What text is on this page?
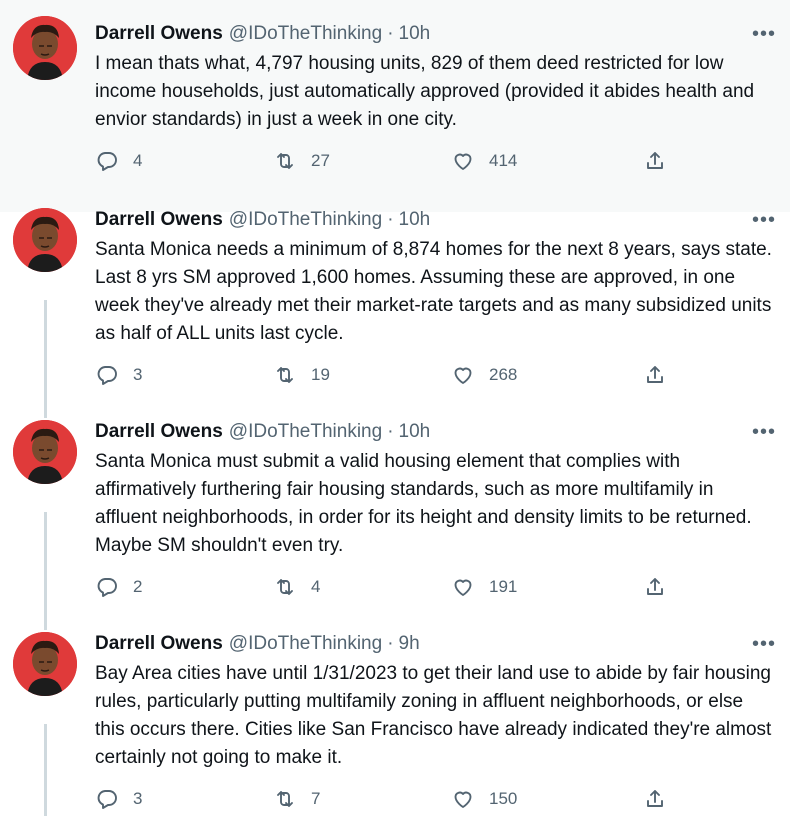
Darrell Owens @IDoTheThinking · 10h	•••
I mean thats what, 4,797 housing units, 829 of them deed restricted for low income households, just automatically approved (provided it abides health and envior standards) in just a week in one city.
4	27	414
Darrell Owens @IDoTheThinking · 10h	•••
Santa Monica needs a minimum of 8,874 homes for the next 8 years, says state. Last 8 yrs SM approved 1,600 homes. Assuming these are approved, in one week they've already met their market-rate targets and as many subsidized units as half of ALL units last cycle.
3	19	268
Darrell Owens @IDoTheThinking · 10h	•••
Santa Monica must submit a valid housing element that complies with affirmatively furthering fair housing standards, such as more multifamily in affluent neighborhoods, in order for its height and density limits to be returned. Maybe SM shouldn't even try.
2	4	191
Darrell Owens @IDoTheThinking · 9h	•••
Bay Area cities have until 1/31/2023 to get their land use to abide by fair housing rules, particularly putting multifamily zoning in affluent neighborhoods, or else this occurs there. Cities like San Francisco have already indicated they're almost certainly not going to make it.
3	7	150
